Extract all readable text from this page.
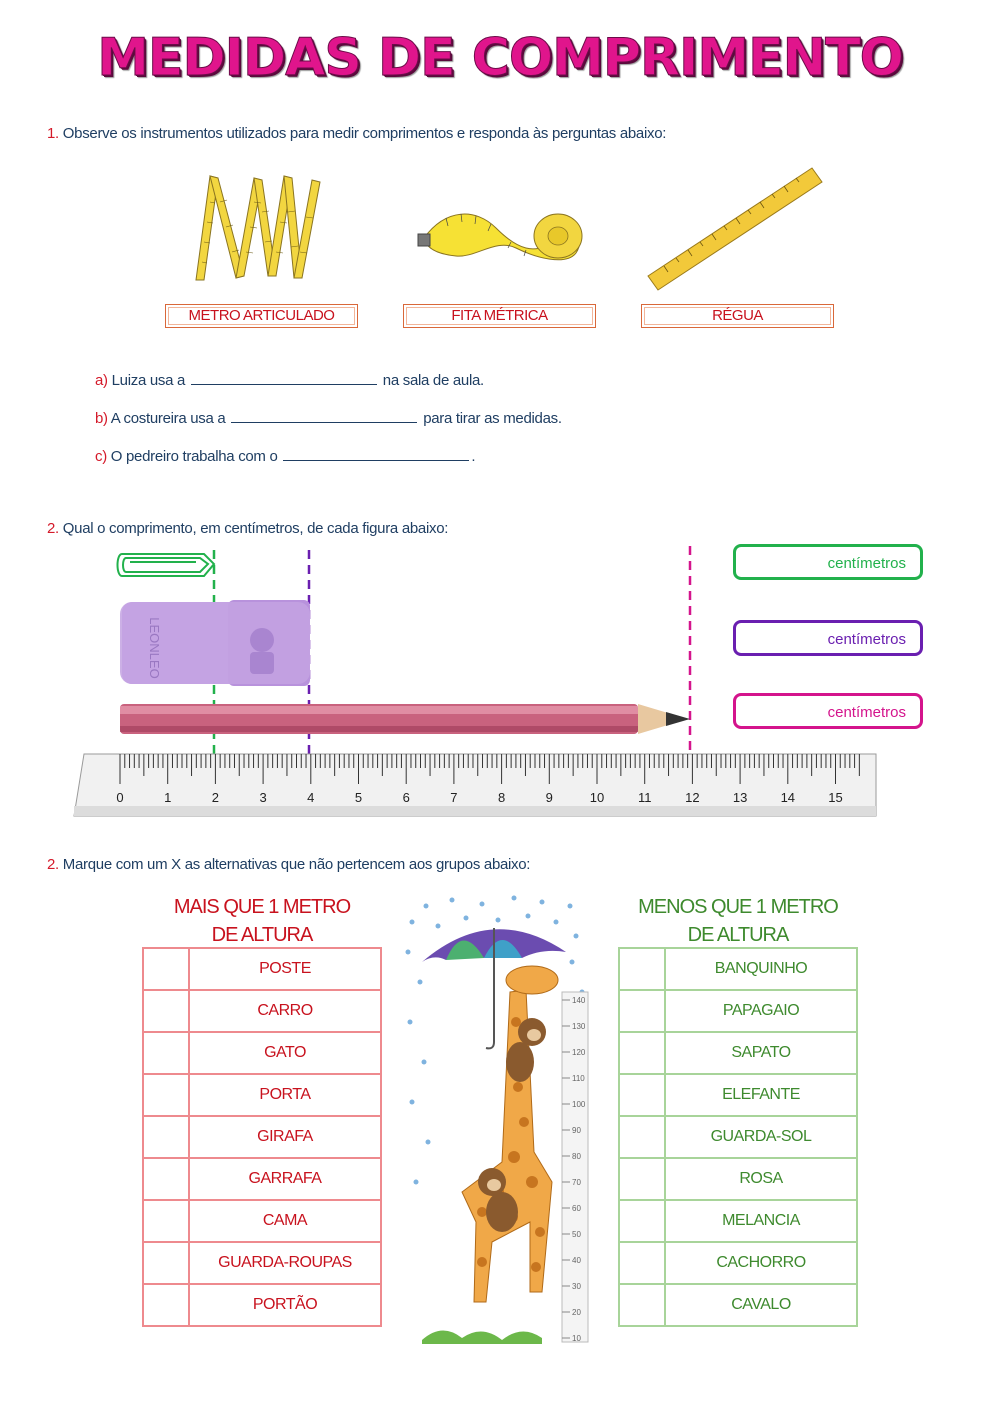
MEDIDAS DE COMPRIMENTO
1. Observe os instrumentos utilizados para medir comprimentos e responda às perguntas abaixo:
METRO ARTICULADO	FITA MÉTRICA	RÉGUA
a) Luiza usa a	na sala de aula.
b) A costureira usa a	para tirar as medidas.
c) O pedreiro trabalha com o	.
2. Qual o comprimento, em centímetros, de cada figura abaixo:
LEONLEO
0	1	2	3	4	5	6	7	8	9	10	11	12	13	14	15
centímetros
centímetros
centímetros
2. Marque com um X as alternativas que não pertencem aos grupos abaixo:
MAIS QUE 1 METRO
DE ALTURA
MENOS QUE 1 METRO
DE ALTURA
	POSTE
	CARRO
	GATO
	PORTA
	GIRAFA
	GARRAFA
	CAMA
	GUARDA-ROUPAS
	PORTÃO
	BANQUINHO
	PAPAGAIO
	SAPATO
	ELEFANTE
	GUARDA-SOL
	ROSA
	MELANCIA
	CACHORRO
	CAVALO
140
130
120
110
100
90
80
70
60
50
40
30
20
10
